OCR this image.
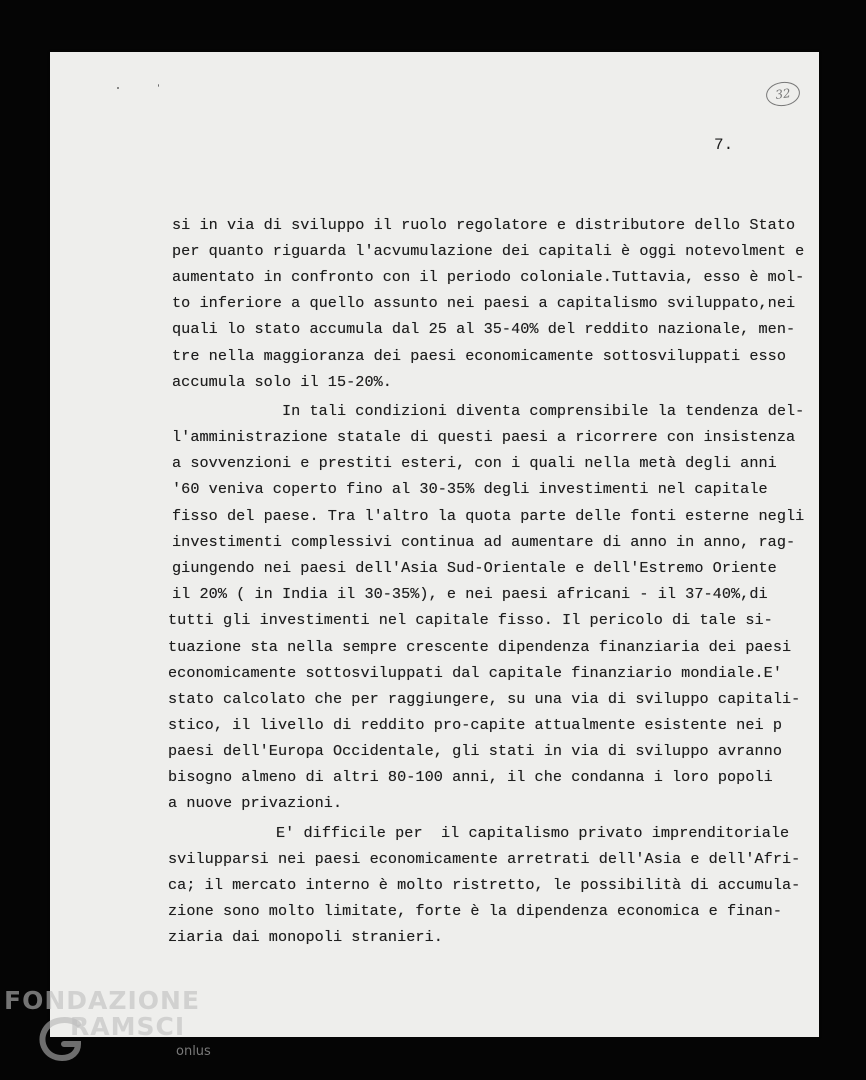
32
7.
si in via di sviluppo il ruolo regolatore e distributore dello Stato
per quanto riguarda l'acvumulazione dei capitali è oggi notevolment e
aumentato in confronto con il periodo coloniale.Tuttavia, esso è mol-
to inferiore a quello assunto nei paesi a capitalismo sviluppato,nei
quali lo stato accumula dal 25 al 35-40% del reddito nazionale, men-
tre nella maggioranza dei paesi economicamente sottosviluppati esso
accumula solo il 15-20%.
In tali condizioni diventa comprensibile la tendenza del-
l'amministrazione statale di questi paesi a ricorrere con insistenza
a sovvenzioni e prestiti esteri, con i quali nella metà degli anni
'60 veniva coperto fino al 30-35% degli investimenti nel capitale
fisso del paese. Tra l'altro la quota parte delle fonti esterne negli
investimenti complessivi continua ad aumentare di anno in anno, rag-
giungendo nei paesi dell'Asia Sud-Orientale e dell'Estremo Oriente
il 20% ( in India il 30-35%), e nei paesi africani - il 37-40%,di
tutti gli investimenti nel capitale fisso. Il pericolo di tale si-
tuazione sta nella sempre crescente dipendenza finanziaria dei paesi
economicamente sottosviluppati dal capitale finanziario mondiale.E'
stato calcolato che per raggiungere, su una via di sviluppo capitali-
stico, il livello di reddito pro-capite attualmente esistente nei p
paesi dell'Europa Occidentale, gli stati in via di sviluppo avranno
bisogno almeno di altri 80-100 anni, il che condanna i loro popoli
a nuove privazioni.
E' difficile per  il capitalismo privato imprenditoriale
svilupparsi nei paesi economicamente arretrati dell'Asia e dell'Afri-
ca; il mercato interno è molto ristretto, le possibilità di accumula-
zione sono molto limitate, forte è la dipendenza economica e finan-
ziaria dai monopoli stranieri.
FONDAZIONE
RAMSCI
onlus
